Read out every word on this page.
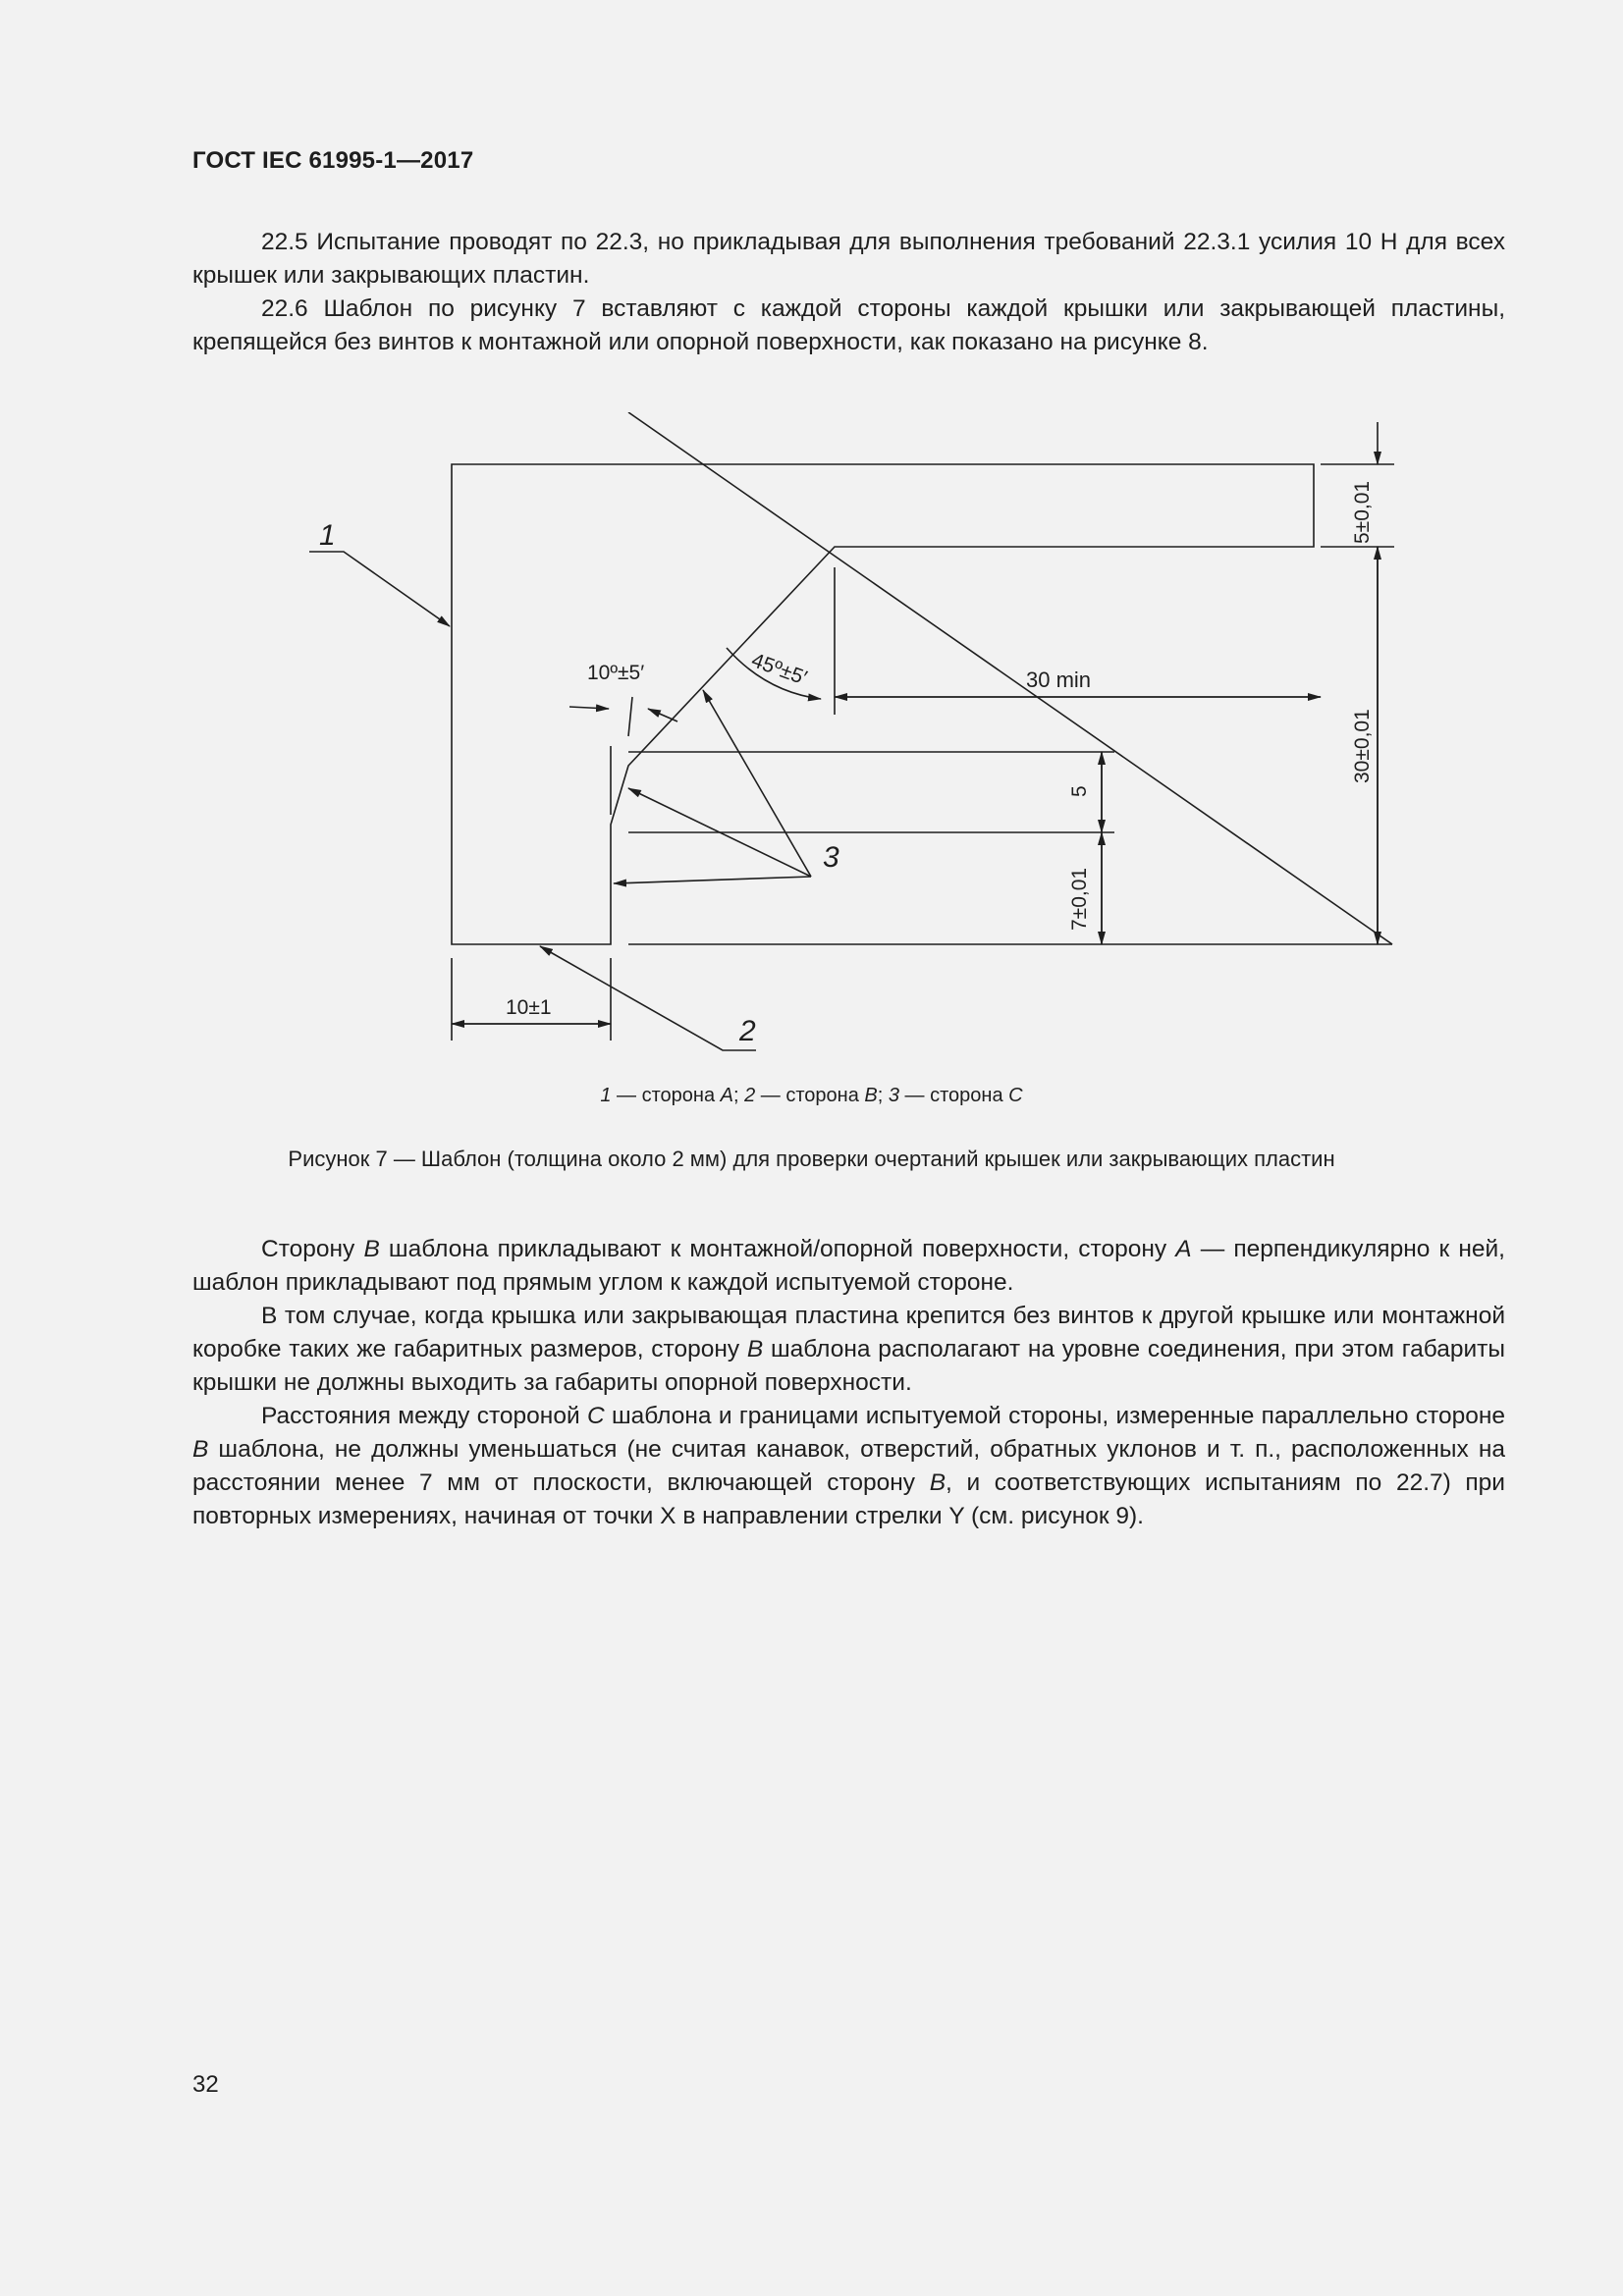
ГОСТ IEC 61995-1—2017

22.5 Испытание проводят по 22.3, но прикладывая для выполнения требований 22.3.1 усилия 10 Н для всех крышек или закрывающих пластин.

22.6 Шаблон по рисунку 7 вставляют с каждой стороны каждой крышки или закрывающей пластины, крепящейся без винтов к монтажной или опорной поверхности, как показано на рисунке 8.

1
2
3
10º±5′	45º±5′	30 min
5
7±0,01
10±1
30±0,01
5±0,01
1 — сторона А; 2 — сторона В; 3 — сторона С
Рисунок 7 — Шаблон (толщина около 2 мм) для проверки очертаний крышек или закрывающих пластин

Сторону В шаблона прикладывают к монтажной/опорной поверхности, сторону А — перпендикулярно к ней, шаблон прикладывают под прямым углом к каждой испытуемой стороне.

В том случае, когда крышка или закрывающая пластина крепится без винтов к другой крышке или монтажной коробке таких же габаритных размеров, сторону В шаблона располагают на уровне соединения, при этом габариты крышки не должны выходить за габариты опорной поверхности.

Расстояния между стороной С шаблона и границами испытуемой стороны, измеренные параллельно стороне В шаблона, не должны уменьшаться (не считая канавок, отверстий, обратных уклонов и т. п., расположенных на расстоянии менее 7 мм от плоскости, включающей сторону В, и соответствующих испытаниям по 22.7) при повторных измерениях, начиная от точки X в направлении стрелки Y (см. рисунок 9).

32
